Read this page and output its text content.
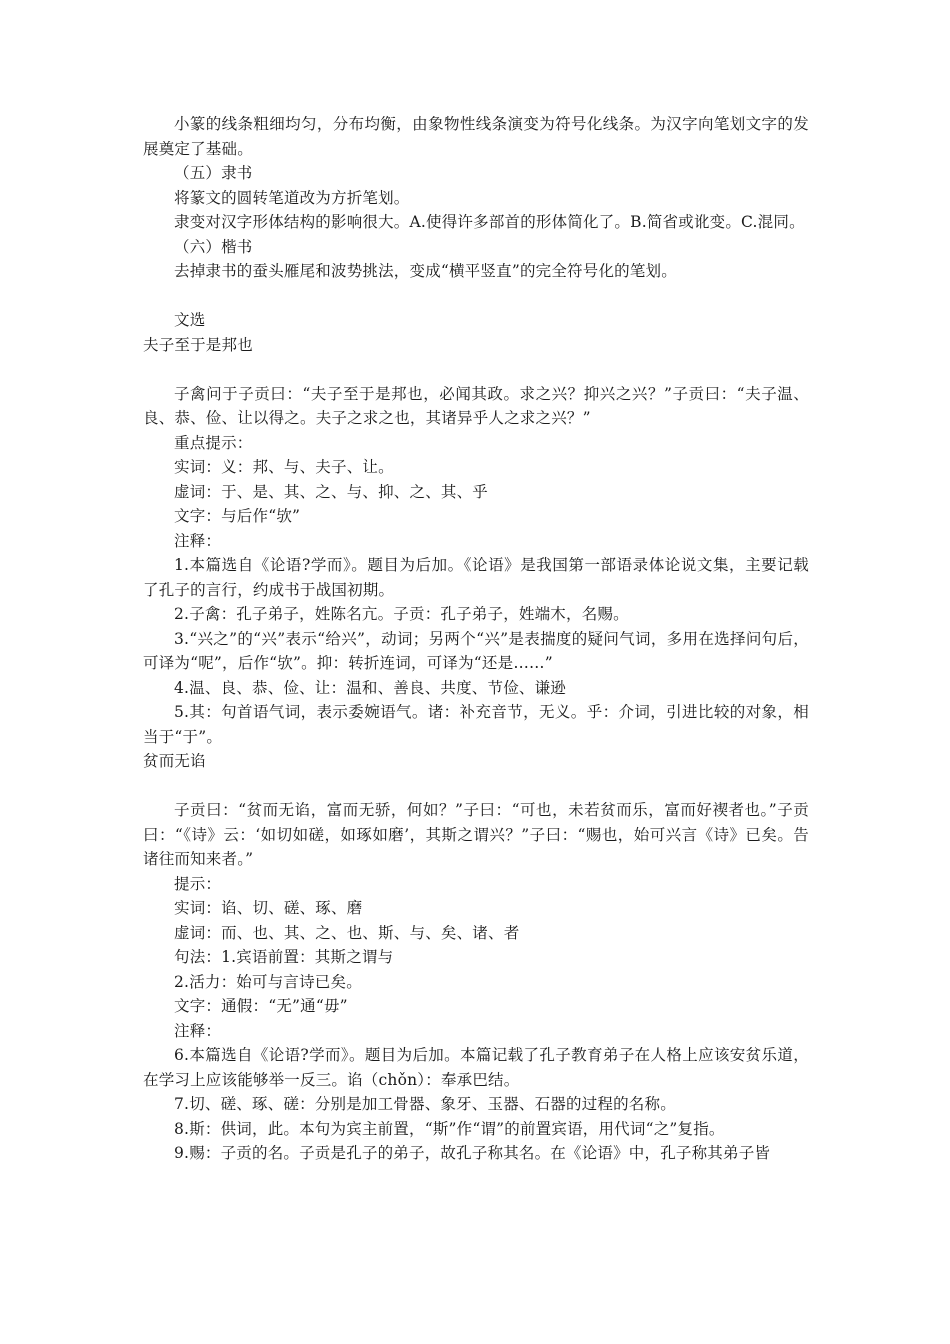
小篆的线条粗细均匀，分布均衡，由象物性线条演变为符号化线条。为汉字向笔划文字的发展奠定了基础。

（五）隶书

将篆文的圆转笔道改为方折笔划。

隶变对汉字形体结构的影响很大。A.使得许多部首的形体简化了。B.简省或讹变。C.混同。

（六）楷书

去掉隶书的蚕头雁尾和波势挑法，变成“横平竖直”的完全符号化的笔划。

文选

夫子至于是邦也

子禽问于子贡曰：“夫子至于是邦也，必闻其政。求之兴？抑兴之兴？”子贡曰：“夫子温、良、恭、俭、让以得之。夫子之求之也，其诸异乎人之求之兴？”

重点提示：

实词：义：邦、与、夫子、让。

虚词：于、是、其、之、与、抑、之、其、乎

文字：与后作“欤”

注释：

1.本篇选自《论语?学而》。题目为后加。《论语》是我国第一部语录体论说文集，主要记载了孔子的言行，约成书于战国初期。

2.子禽：孔子弟子，姓陈名亢。子贡：孔子弟子，姓端木，名赐。

3.“兴之”的“兴”表示“给兴”，动词；另两个“兴”是表揣度的疑问气词，多用在选择问句后，可译为“呢”，后作“欤”。抑：转折连词，可译为“还是……”

4.温、良、恭、俭、让：温和、善良、共度、节俭、谦逊

5.其：句首语气词，表示委婉语气。诸：补充音节，无义。乎：介词，引进比较的对象，相当于“于”。

贫而无谄

子贡曰：“贫而无谄，富而无骄，何如？”子曰：“可也，未若贫而乐，富而好禊者也。”子贡曰：“《诗》云：‘如切如磋，如琢如磨’，其斯之谓兴？”子曰：“赐也，始可兴言《诗》已矣。告诸往而知来者。”

提示：

实词：谄、切、磋、琢、磨

虚词：而、也、其、之、也、斯、与、矣、诸、者

句法：1.宾语前置：其斯之谓与

2.活力：始可与言诗已矣。

文字：通假：“无”通“毋”

注释：

6.本篇选自《论语?学而》。题目为后加。本篇记载了孔子教育弟子在人格上应该安贫乐道，在学习上应该能够举一反三。谄（chǒn）：奉承巴结。

7.切、磋、琢、磋：分别是加工骨器、象牙、玉器、石器的过程的名称。

8.斯：供词，此。本句为宾主前置，“斯”作“谓”的前置宾语，用代词“之”复指。

9.赐：子贡的名。子贡是孔子的弟子，故孔子称其名。在《论语》中，孔子称其弟子皆
